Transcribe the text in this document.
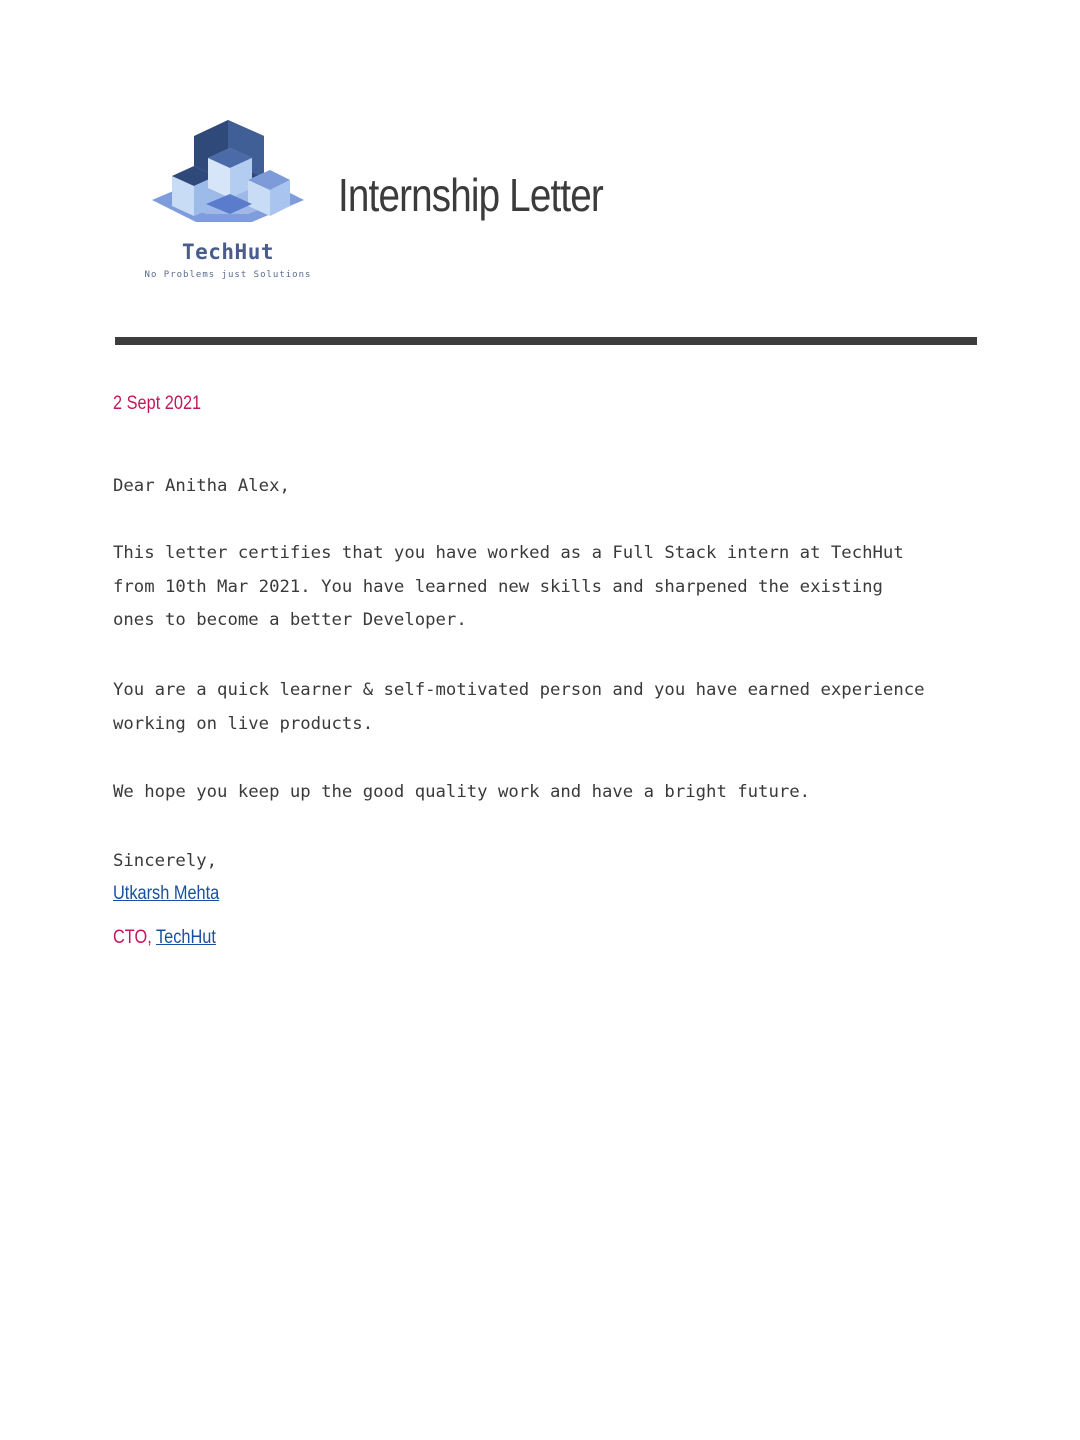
TechHut
No Problems just Solutions
Internship Letter
2 Sept 2021

Dear Anitha Alex,

This letter certifies that you have worked as a Full Stack intern at TechHut

from 10th Mar 2021. You have learned new skills and sharpened the existing

ones to become a better Developer.

You are a quick learner & self-motivated person and you have earned experience

working on live products.

We hope you keep up the good quality work and have a bright future.

Sincerely,

Utkarsh Mehta
CTO, TechHut
